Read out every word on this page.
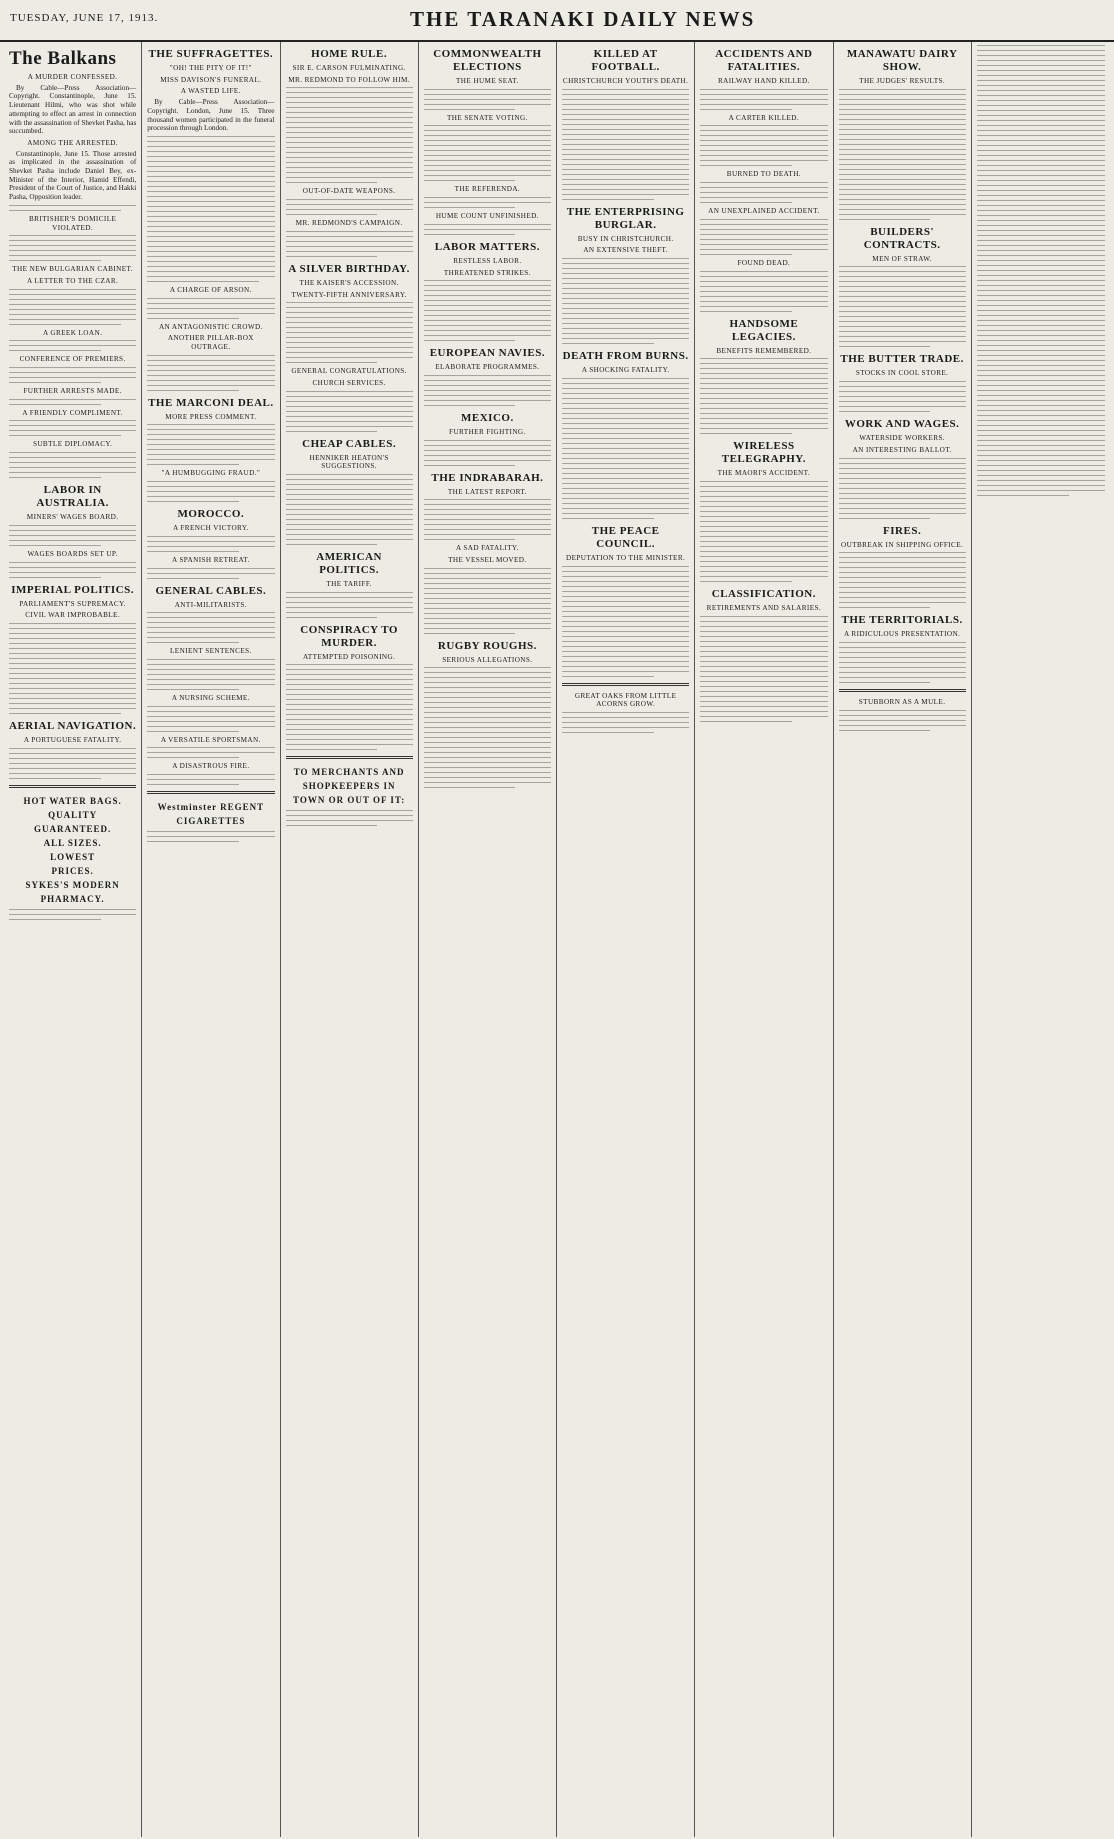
TUESDAY, JUNE 17, 1913.	THE TARANAKI DAILY NEWS
The Balkans
A MURDER CONFESSED.

By Cable—Press Association—Copyright. Constantinople, June 15. Lieutenant Hilmi, who was shot while attempting to effect an arrest in connection with the assassination of Shevket Pasha, has succumbed.

AMONG THE ARRESTED.

Constantinople, June 15. Those arrested as implicated in the assassination of Shevket Pasha include Daniel Bey, ex-Minister of the Interior, Hamid Effendi, President of the Court of Justice, and Hakki Pasha, Opposition leader.

BRITISHER'S DOMICILE VIOLATED.
THE NEW BULGARIAN CABINET.
A LETTER TO THE CZAR.
A GREEK LOAN.
CONFERENCE OF PREMIERS.
FURTHER ARRESTS MADE.
A FRIENDLY COMPLIMENT.
SUBTLE DIPLOMACY.
LABOR IN AUSTRALIA.
MINERS' WAGES BOARD.
WAGES BOARDS SET UP.
IMPERIAL POLITICS.
PARLIAMENT'S SUPREMACY.
CIVIL WAR IMPROBABLE.
AERIAL NAVIGATION.
A PORTUGUESE FATALITY.
HOT WATER BAGS.
QUALITY GUARANTEED.
ALL SIZES.
LOWEST
PRICES.
SYKES'S MODERN PHARMACY.
THE SUFFRAGETTES.
"OH! THE PITY OF IT!"
MISS DAVISON'S FUNERAL.
A WASTED LIFE.

By Cable—Press Association—Copyright. London, June 15. Three thousand women participated in the funeral procession through London.

A CHARGE OF ARSON.
AN ANTAGONISTIC CROWD.
ANOTHER PILLAR-BOX OUTRAGE.
THE MARCONI DEAL.
MORE PRESS COMMENT.
"A HUMBUGGING FRAUD."
MOROCCO.
A FRENCH VICTORY.
A SPANISH RETREAT.
GENERAL CABLES.
ANTI-MILITARISTS.
LENIENT SENTENCES.
A NURSING SCHEME.
A VERSATILE SPORTSMAN.
A DISASTROUS FIRE.
Westminster REGENT CIGARETTES
HOME RULE.
SIR E. CARSON FULMINATING.
MR. REDMOND TO FOLLOW HIM.
OUT-OF-DATE WEAPONS.
MR. REDMOND'S CAMPAIGN.
A SILVER BIRTHDAY.
THE KAISER'S ACCESSION.
TWENTY-FIFTH ANNIVERSARY.
GENERAL CONGRATULATIONS.
CHURCH SERVICES.
CHEAP CABLES.
HENNIKER HEATON'S SUGGESTIONS.
AMERICAN POLITICS.
THE TARIFF.
CONSPIRACY TO MURDER.
ATTEMPTED POISONING.
TO MERCHANTS AND SHOPKEEPERS IN TOWN OR OUT OF IT:
COMMONWEALTH ELECTIONS
THE HUME SEAT.
THE SENATE VOTING.
THE REFERENDA.
HUME COUNT UNFINISHED.
LABOR MATTERS.
RESTLESS LABOR.
THREATENED STRIKES.
EUROPEAN NAVIES.
ELABORATE PROGRAMMES.
MEXICO.
FURTHER FIGHTING.
THE INDRABARAH.
THE LATEST REPORT.
A SAD FATALITY.
THE VESSEL MOVED.
RUGBY ROUGHS.
SERIOUS ALLEGATIONS.
KILLED AT FOOTBALL.
CHRISTCHURCH YOUTH'S DEATH.
THE ENTERPRISING BURGLAR.
BUSY IN CHRISTCHURCH.
AN EXTENSIVE THEFT.
DEATH FROM BURNS.
A SHOCKING FATALITY.
THE PEACE COUNCIL.
DEPUTATION TO THE MINISTER.
GREAT OAKS FROM LITTLE ACORNS GROW.
ACCIDENTS AND FATALITIES.
RAILWAY HAND KILLED.
A CARTER KILLED.
BURNED TO DEATH.
AN UNEXPLAINED ACCIDENT.
FOUND DEAD.
HANDSOME LEGACIES.
BENEFITS REMEMBERED.
WIRELESS TELEGRAPHY.
THE MAORI'S ACCIDENT.
CLASSIFICATION.
RETIREMENTS AND SALARIES.
MANAWATU DAIRY SHOW.
THE JUDGES' RESULTS.
BUILDERS' CONTRACTS.
MEN OF STRAW.
THE BUTTER TRADE.
STOCKS IN COOL STORE.
WORK AND WAGES.
WATERSIDE WORKERS.
AN INTERESTING BALLOT.
FIRES.
OUTBREAK IN SHIPPING OFFICE.
THE TERRITORIALS.
A RIDICULOUS PRESENTATION.
STUBBORN AS A MULE.
